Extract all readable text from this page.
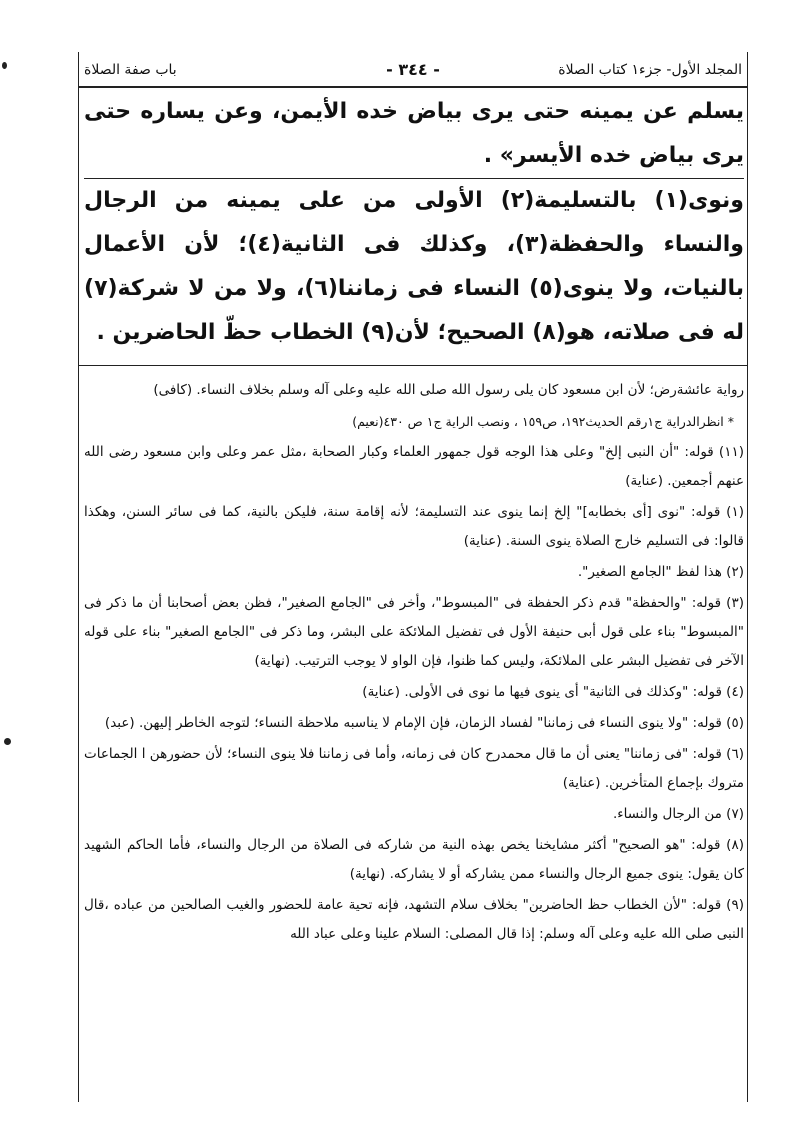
المجلد الأول- جزء١ كتاب الصلاة
- ٣٤٤ -
باب صفة الصلاة

يسلم عن يمينه حتى يرى بياض خده الأيمن، وعن يساره حتى يرى بياض خده الأيسر» .

ونوى(١) بالتسليمة(٢) الأولى من على يمينه من الرجال والنساء والحفظة(٣)، وكذلك فى الثانية(٤)؛ لأن الأعمال بالنيات، ولا ينوى(٥) النساء فى زماننا(٦)، ولا من لا شركة(٧) له فى صلاته، هو(٨) الصحيح؛ لأن(٩) الخطاب حظّ الحاضرين .

رواية عائشةرض؛ لأن ابن مسعود كان يلى رسول الله صلى الله عليه وعلى آله وسلم بخلاف النساء. (كافى)

* انظرالدراية ج١رقم الحديث١٩٢، ص١٥٩ ، ونصب الراية ج١ ص ٤٣٠(نعيم)

(١١) قوله: "أن النبى إلخ" وعلى هذا الوجه قول جمهور العلماء وكبار الصحابة ،مثل عمر وعلى وابن مسعود رضى الله عنهم أجمعين. (عناية)

(١) قوله: "نوى [أى بخطابه]" إلخ إنما ينوى عند التسليمة؛ لأنه إقامة سنة، فليكن بالنية، كما فى سائر السنن، وهكذا قالوا: فى التسليم خارج الصلاة ينوى السنة. (عناية)

(٢) هذا لفظ "الجامع الصغير".

(٣) قوله: "والحفظة" قدم ذكر الحفظة فى "المبسوط"، وأخر فى "الجامع الصغير"، فظن بعض أصحابنا أن ما ذكر فى "المبسوط" بناء على قول أبى حنيفة الأول فى تفضيل الملائكة على البشر، وما ذكر فى "الجامع الصغير" بناء على قوله الآخر فى تفضيل البشر على الملائكة، وليس كما ظنوا، فإن الواو لا يوجب الترتيب. (نهاية)

(٤) قوله: "وكذلك فى الثانية" أى ينوى فيها ما نوى فى الأولى. (عناية)

(٥) قوله: "ولا ينوى النساء فى زماننا" لفساد الزمان، فإن الإمام لا يناسبه ملاحظة النساء؛ لتوجه الخاطر إليهن. (عبد)

(٦) قوله: "فى زماننا" يعنى أن ما قال محمدرح كان فى زمانه، وأما فى زماننا فلا ينوى النساء؛ لأن حضورهن ا الجماعات متروك بإجماع المتأخرين. (عناية)

(٧) من الرجال والنساء.

(٨) قوله: "هو الصحيح" أكثر مشايخنا يخص بهذه النية من شاركه فى الصلاة من الرجال والنساء، فأما الحاكم الشهيد كان يقول: ينوى جميع الرجال والنساء ممن يشاركه أو لا يشاركه. (نهاية)

(٩) قوله: "لأن الخطاب حظ الحاضرين" بخلاف سلام التشهد، فإنه تحية عامة للحضور والغيب الصالحين من عباده ،قال النبى صلى الله عليه وعلى آله وسلم: إذا قال المصلى: السلام علينا وعلى عباد الله
